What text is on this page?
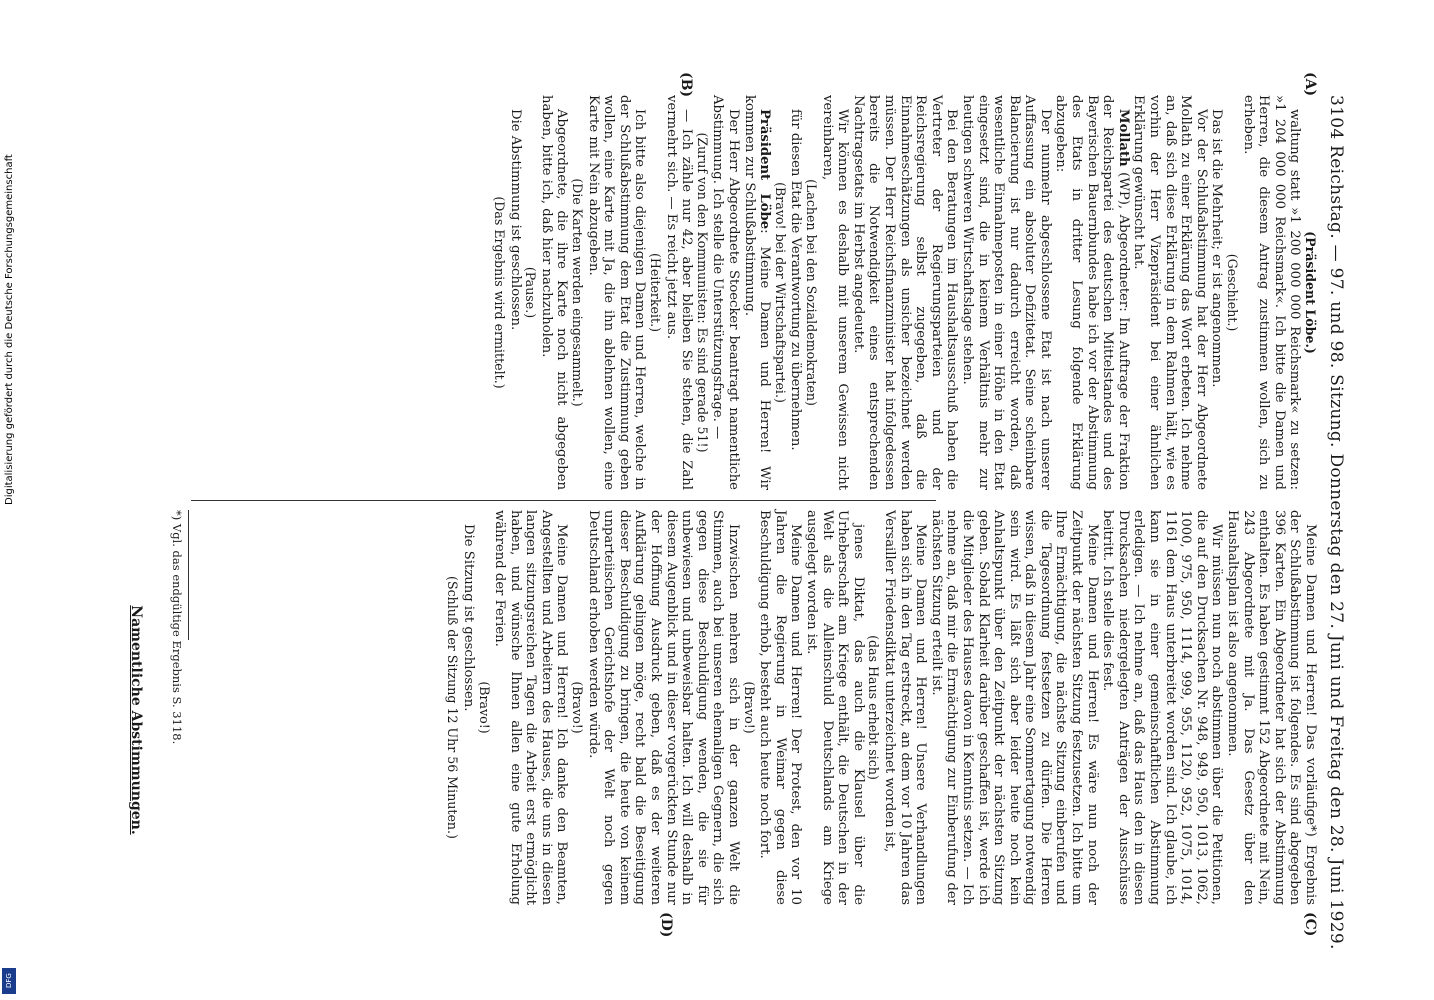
3104 Reichstag. — 97. und 98. Sitzung. Donnerstag den 27. Juni und Freitag den 28. Juni 1929.
(A)
(B)
(C)
(D)

(Präsident Löbe.)

waltung statt »1 200 000 000 Reichsmark« zu setzen: »1 204 000 000 Reichsmark«. Ich bitte die Damen und Herren, die diesem Antrag zustimmen wollen, sich zu erheben.

(Geschieht.)

Das ist die Mehrheit; er ist angenommen.

Vor der Schlußabstimmung hat der Herr Abgeordnete Mollath zu einer Erklärung das Wort erbeten. Ich nehme an, daß sich diese Erklärung in dem Rahmen hält, wie es vorhin der Herr Vizepräsident bei einer ähnlichen Erklärung gewünscht hat.

Mollath (WP), Abgeordneter: Im Auftrage der Fraktion der Reichspartei des deutschen Mittelstandes und des Bayerischen Bauernbundes habe ich vor der Abstimmung des Etats in dritter Lesung folgende Erklärung abzugeben:

Der nunmehr abgeschlossene Etat ist nach unserer Auffassung ein absoluter Defizitetat. Seine scheinbare Balancierung ist nur dadurch erreicht worden, daß wesentliche Einnahmeposten in einer Höhe in den Etat eingesetzt sind, die in keinem Verhältnis mehr zur heutigen schweren Wirtschaftslage stehen.

Bei den Beratungen im Haushaltsausschuß haben die Vertreter der Regierungsparteien und der Reichsregierung selbst zugegeben, daß die Einnahmeschätzungen als unsicher bezeichnet werden müssen. Der Herr Reichsfinanzminister hat infolgedessen bereits die Notwendigkeit eines entsprechenden Nachtragsetats im Herbst angedeutet.

Wir können es deshalb mit unserem Gewissen nicht vereinbaren,

(Lachen bei den Sozialdemokraten)

für diesen Etat die Verantwortung zu übernehmen.

(Bravo! bei der Wirtschaftspartei.)

Präsident Löbe: Meine Damen und Herren! Wir kommen zur Schlußabstimmung.

Der Herr Abgeordnete Stoecker beantragt namentliche Abstimmung. Ich stelle die Unterstützungsfrage. —

(Zuruf von den Kommunisten: Es sind gerade 51!)

— Ich zähle nur 42, aber bleiben Sie stehen, die Zahl vermehrt sich. — Es reicht jetzt aus.

(Heiterkeit.)

Ich bitte also diejenigen Damen und Herren, welche in der Schlußabstimmung dem Etat die Zustimmung geben wollen, eine Karte mit Ja, die ihn ablehnen wollen, eine Karte mit Nein abzugeben.

(Die Karten werden eingesammelt.)

Abgeordnete, die ihre Karte noch nicht abgegeben haben, bitte ich, daß hier nachzuholen.

(Pause.)

Die Abstimmung ist geschlossen.

(Das Ergebnis wird ermittelt.)

Meine Damen und Herren! Das vorläufige*) Ergebnis der Schlußabstimmung ist folgendes. Es sind abgegeben 396 Karten. Ein Abgeordneter hat sich der Abstimmung enthalten. Es haben gestimmt 152 Abgeordnete mit Nein, 243 Abgeordnete mit Ja. Das Gesetz über den Haushaltsplan ist also angenommen.

Wir müssen nun noch abstimmen über die Petitionen, die auf den Drucksachen Nr. 948, 949, 950, 1013, 1062, 1000, 975, 950, 1114, 999, 955, 1120, 952, 1075, 1014, 1161 dem Haus unterbreitet worden sind. Ich glaube, ich kann sie in einer gemeinschaftlichen Abstimmung erledigen. — Ich nehme an, daß das Haus den in diesen Drucksachen niedergelegten Anträgen der Ausschüsse beitritt. Ich stelle dies fest.

Meine Damen und Herren! Es wäre nun noch der Zeitpunkt der nächsten Sitzung festzusetzen. Ich bitte um Ihre Ermächtigung, die nächste Sitzung einberufen und die Tagesordnung festsetzen zu dürfen. Die Herren wissen, daß in diesem Jahr eine Sommertagung notwendig sein wird. Es läßt sich aber leider heute noch kein Anhaltspunkt über den Zeitpunkt der nächsten Sitzung geben. Sobald Klarheit darüber geschaffen ist, werde ich die Mitglieder des Hauses davon in Kenntnis setzen. — Ich nehme an, daß mir die Ermächtigung zur Einberufung der nächsten Sitzung erteilt ist.

Meine Damen und Herren! Unsere Verhandlungen haben sich in den Tag erstreckt, an dem vor 10 Jahren das Versailler Friedensdiktat unterzeichnet worden ist,

(das Haus erhebt sich)

jenes Diktat, das auch die Klausel über die Urheberschaft am Kriege enthält, die Deutschen in der Welt als die Alleinschuld Deutschlands am Kriege ausgelegt worden ist.

Meine Damen und Herren! Der Protest, den vor 10 Jahren die Regierung in Weimar gegen diese Beschuldigung erhob, besteht auch heute noch fort.

(Bravo!)

Inzwischen mehren sich in der ganzen Welt die Stimmen, auch bei unseren ehemaligen Gegnern, die sich gegen diese Beschuldigung wenden, die sie für unbewiesen und unbeweisbar halten. Ich will deshalb in diesem Augenblick und in dieser vorgerückten Stunde nur der Hoffnung Ausdruck geben, daß es der weiteren Aufklärung gelingen möge, recht bald die Beseitigung dieser Beschuldigung zu bringen, die heute von keinem unparteiischen Gerichtshofe der Welt noch gegen Deutschland erhoben werden würde.

(Bravo!)

Meine Damen und Herren! Ich danke den Beamten, Angestellten und Arbeitern des Hauses, die uns in diesen langen sitzungsreichen Tagen die Arbeit erst ermöglicht haben, und wünsche Ihnen allen eine gute Erholung während der Ferien.

(Bravo!)

Die Sitzung ist geschlossen.

(Schluß der Sitzung 12 Uhr 56 Minuten.)

*) Vgl. das endgültige Ergebnis S. 3118.
Namentliche Abstimmungen.
Digitalisierung gefördert durch die Deutsche Forschungsgemeinschaft
DFG
